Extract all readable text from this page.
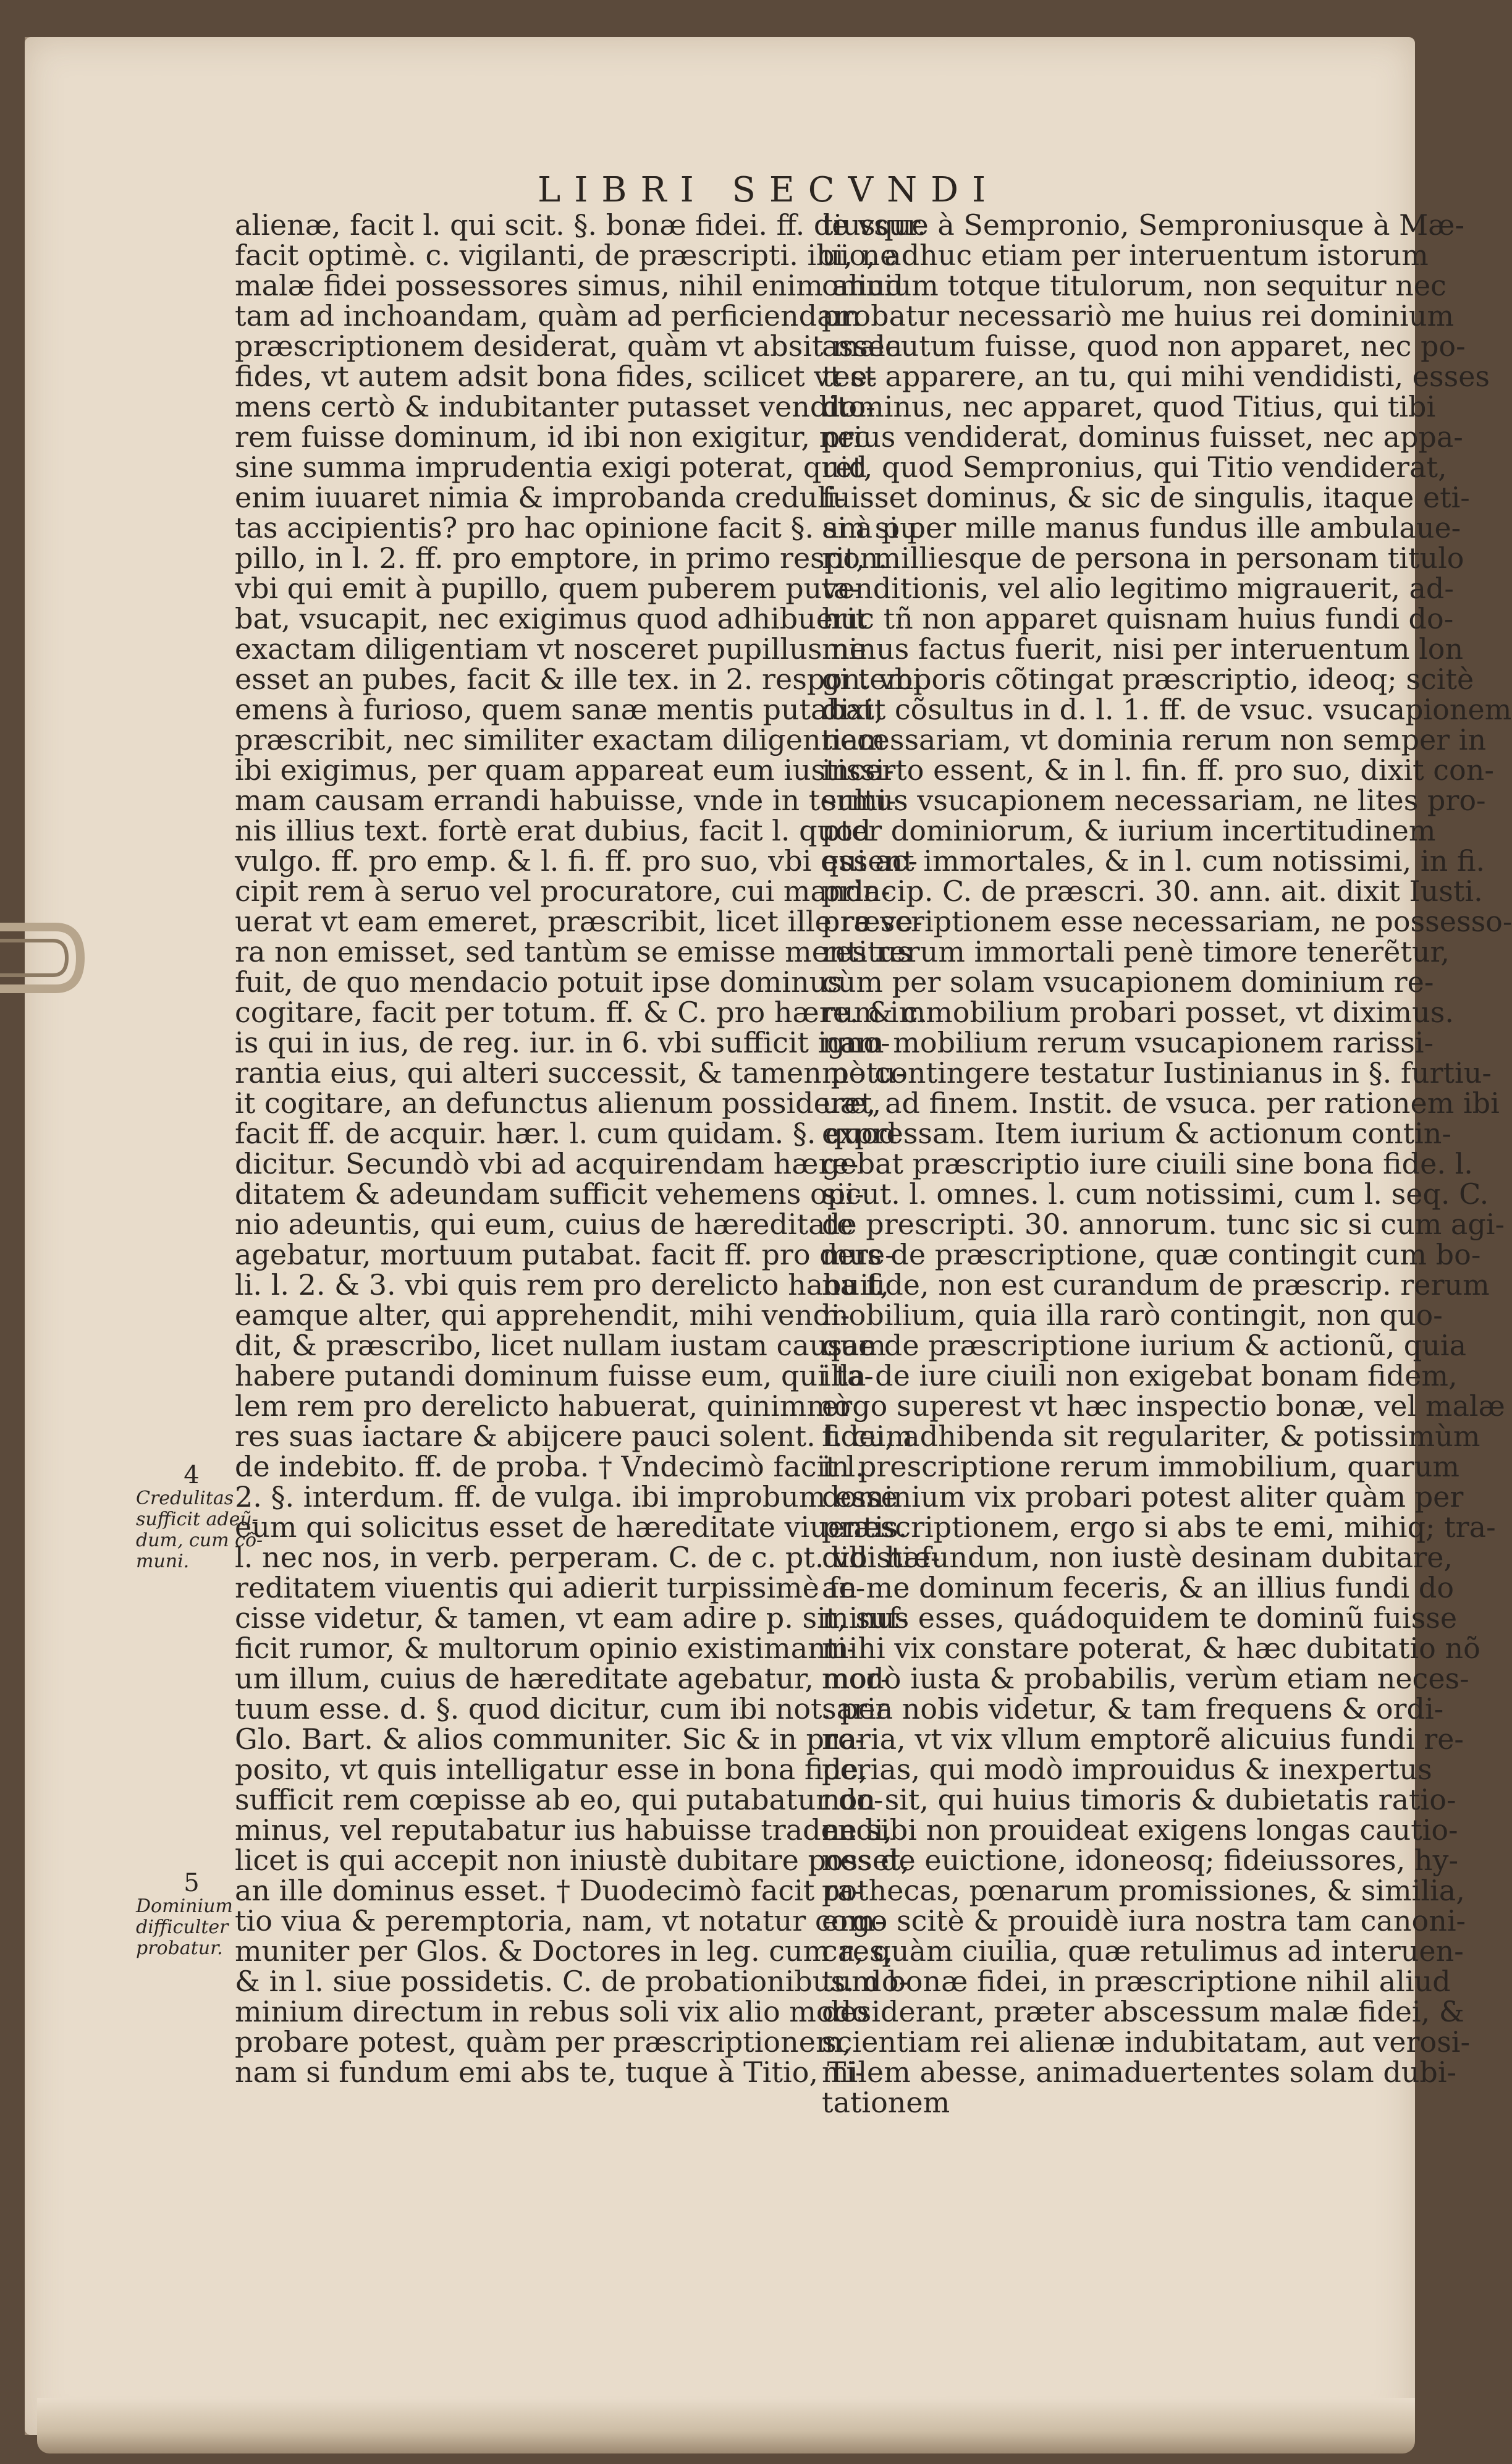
LIBRI SECVNDI
alienæ, facit l. qui scit. §. bonæ fidei. ff. de vsur.
facit optimè. c. vigilanti, de præscripti. ibi, ne
malæ fidei possessores simus, nihil enim aliud
tam ad inchoandam, quàm ad perficiendam
præscriptionem desiderat, quàm vt absit mala
fides, vt autem adsit bona fides, scilicet vt e-
mens certò & indubitanter putasset vendito-
rem fuisse dominum, id ibi non exigitur, nec
sine summa imprudentia exigi poterat, quid
enim iuuaret nimia & improbanda creduli-
tas accipientis? pro hac opinione facit §. si à pu
pillo, in l. 2. ff. pro emptore, in primo respon.
vbi qui emit à pupillo, quem puberem puta-
bat, vsucapit, nec exigimus quod adhibuerit
exactam diligentiam vt nosceret pupillus ne
esset an pubes, facit & ille tex. in 2. respon. vbi
emens à furioso, quem sanæ mentis putabat,
præscribit, nec similiter exactam diligentiam
ibi exigimus, per quam appareat eum iustissi-
mam causam errandi habuisse, vnde in termi-
nis illius text. fortè erat dubius, facit l. quod
vulgo. ff. pro emp. & l. fi. ff. pro suo, vbi qui ac-
cipit rem à seruo vel procuratore, cui manda-
uerat vt eam emeret, præscribit, licet ille re ve-
ra non emisset, sed tantùm se emisse mentitus
fuit, de quo mendacio potuit ipse dominus
cogitare, facit per totum. ff. & C. pro hære. & c.
is qui in ius, de reg. iur. in 6. vbi sufficit igno-
rantia eius, qui alteri successit, & tamen potu-
it cogitare, an defunctus alienum possideret,
facit ff. de acquir. hær. l. cum quidam. §. quod
dicitur. Secundò vbi ad acquirendam hære-
ditatem & adeundam sufficit vehemens opi-
nio adeuntis, qui eum, cuius de hæreditate
agebatur, mortuum putabat. facit ff. pro dere-
li. l. 2. & 3. vbi quis rem pro derelicto habuit,
eamque alter, qui apprehendit, mihi vendi-
dit, & præscribo, licet nullam iustam causam
habere putandi dominum fuisse eum, qui ta-
lem rem pro derelicto habuerat, quinimmò
res suas iactare & abijcere pauci solent. l. cum
de indebito. ff. de proba. † Vndecimò facit l.
2. §. interdum. ff. de vulga. ibi improbum esse
eum qui solicitus esset de hæreditate viuentis.
l. nec nos, in verb. perperam. C. de c. pt. vbi hæ-
reditatem viuentis qui adierit turpissimè fe-
cisse videtur, & tamen, vt eam adire p. sit, suf-
ficit rumor, & multorum opinio existimanti-
um illum, cuius de hæreditate agebatur, mor-
tuum esse. d. §. quod dicitur, cum ibi not. per
Glo. Bart. & alios communiter. Sic & in pro-
posito, vt quis intelligatur esse in bona fide,
sufficit rem cœpisse ab eo, qui putabatur do-
minus, vel reputabatur ius habuisse tradendi,
licet is qui accepit non iniustè dubitare posset,
an ille dominus esset. † Duodecimò facit ra-
tio viua & peremptoria, nam, vt notatur com-
muniter per Glos. & Doctores in leg. cum res,
& in l. siue possidetis. C. de probationibus. do-
minium directum in rebus soli vix alio modo
probare potest, quàm per præscriptionem,
nam si fundum emi abs te, tuque à Titio, Ti-
tiusque à Sempronio, Semproniusque à Mæ-
uio, adhuc etiam per interuentum istorum
omnium totque titulorum, non sequitur nec
probatur necessariò me huius rei dominium
assecutum fuisse, quod non apparet, nec po-
test apparere, an tu, qui mihi vendidisti, esses
dominus, nec apparet, quod Titius, qui tibi
prius vendiderat, dominus fuisset, nec appa-
ret, quod Sempronius, qui Titio vendiderat,
fuisset dominus, & sic de singulis, itaque eti-
am si per mille manus fundus ille ambulaue-
rit, milliesque de persona in personam titulo
venditionis, vel alio legitimo migrauerit, ad-
huc tñ non apparet quisnam huius fundi do-
minus factus fuerit, nisi per interuentum lon
gi temporis cõtingat præscriptio, ideoq; scitè
dixit cõsultus in d. l. 1. ff. de vsuc. vsucapionem
necessariam, vt dominia rerum non semper in
incerto essent, & in l. fin. ff. pro suo, dixit con-
sultus vsucapionem necessariam, ne lites pro-
pter dominiorum, & iurium incertitudinem
essent immortales, & in l. cum notissimi, in fi.
princip. C. de præscri. 30. ann. ait. dixit Iusti.
præscriptionem esse necessariam, ne possesso-
res rerum immortali penè timore tenerẽtur,
cùm per solam vsucapionem dominium re-
rum immobilium probari posset, vt diximus.
nam mobilium rerum vsucapionem rarissi-
mè contingere testatur Iustinianus in §. furtiu-
uæ, ad finem. Instit. de vsuca. per rationem ibi
expressam. Item iurium & actionum contin-
gebat præscriptio iure ciuili sine bona fide. l.
sicut. l. omnes. l. cum notissimi, cum l. seq. C.
de prescripti. 30. annorum. tunc sic si cum agi-
mus de præscriptione, quæ contingit cum bo-
na fide, non est curandum de præscrip. rerum
mobilium, quia illa rarò contingit, non quo-
que de præscriptione iurium & actionũ, quia
illa de iure ciuili non exigebat bonam fidem,
ergo superest vt hæc inspectio bonæ, vel malæ
fidei, adhibenda sit regulariter, & potissimùm
in prescriptione rerum immobilium, quarum
dominium vix probari potest aliter quàm per
præscriptionem, ergo si abs te emi, mihiq; tra-
didisti fundum, non iustè desinam dubitare,
an me dominum feceris, & an illius fundi do
minus esses, quádoquidem te dominũ fuisse
mihi vix constare poterat, & hæc dubitatio nõ
modò iusta & probabilis, verùm etiam neces-
saria nobis videtur, & tam frequens & ordi-
naria, vt vix vllum emptorẽ alicuius fundi re-
perias, qui modò improuidus & inexpertus
non sit, qui huius timoris & dubietatis ratio-
ne sibi non prouideat exigens longas cautio-
nes de euictione, idoneosq; fideiussores, hy-
pothecas, pœnarum promissiones, & similia,
ergo scitè & prouidè iura nostra tam canoni-
ca, quàm ciuilia, quæ retulimus ad interuen-
tum bonæ fidei, in præscriptione nihil aliud
desiderant, præter abscessum malæ fidei, &
scientiam rei alienæ indubitatam, aut verosi-
milem abesse, animaduertentes solam dubi-
tationem
4
Credulitas
sufficit adeũ-
dum, cum cõ-
muni.
5
Dominium
difficulter
probatur.
